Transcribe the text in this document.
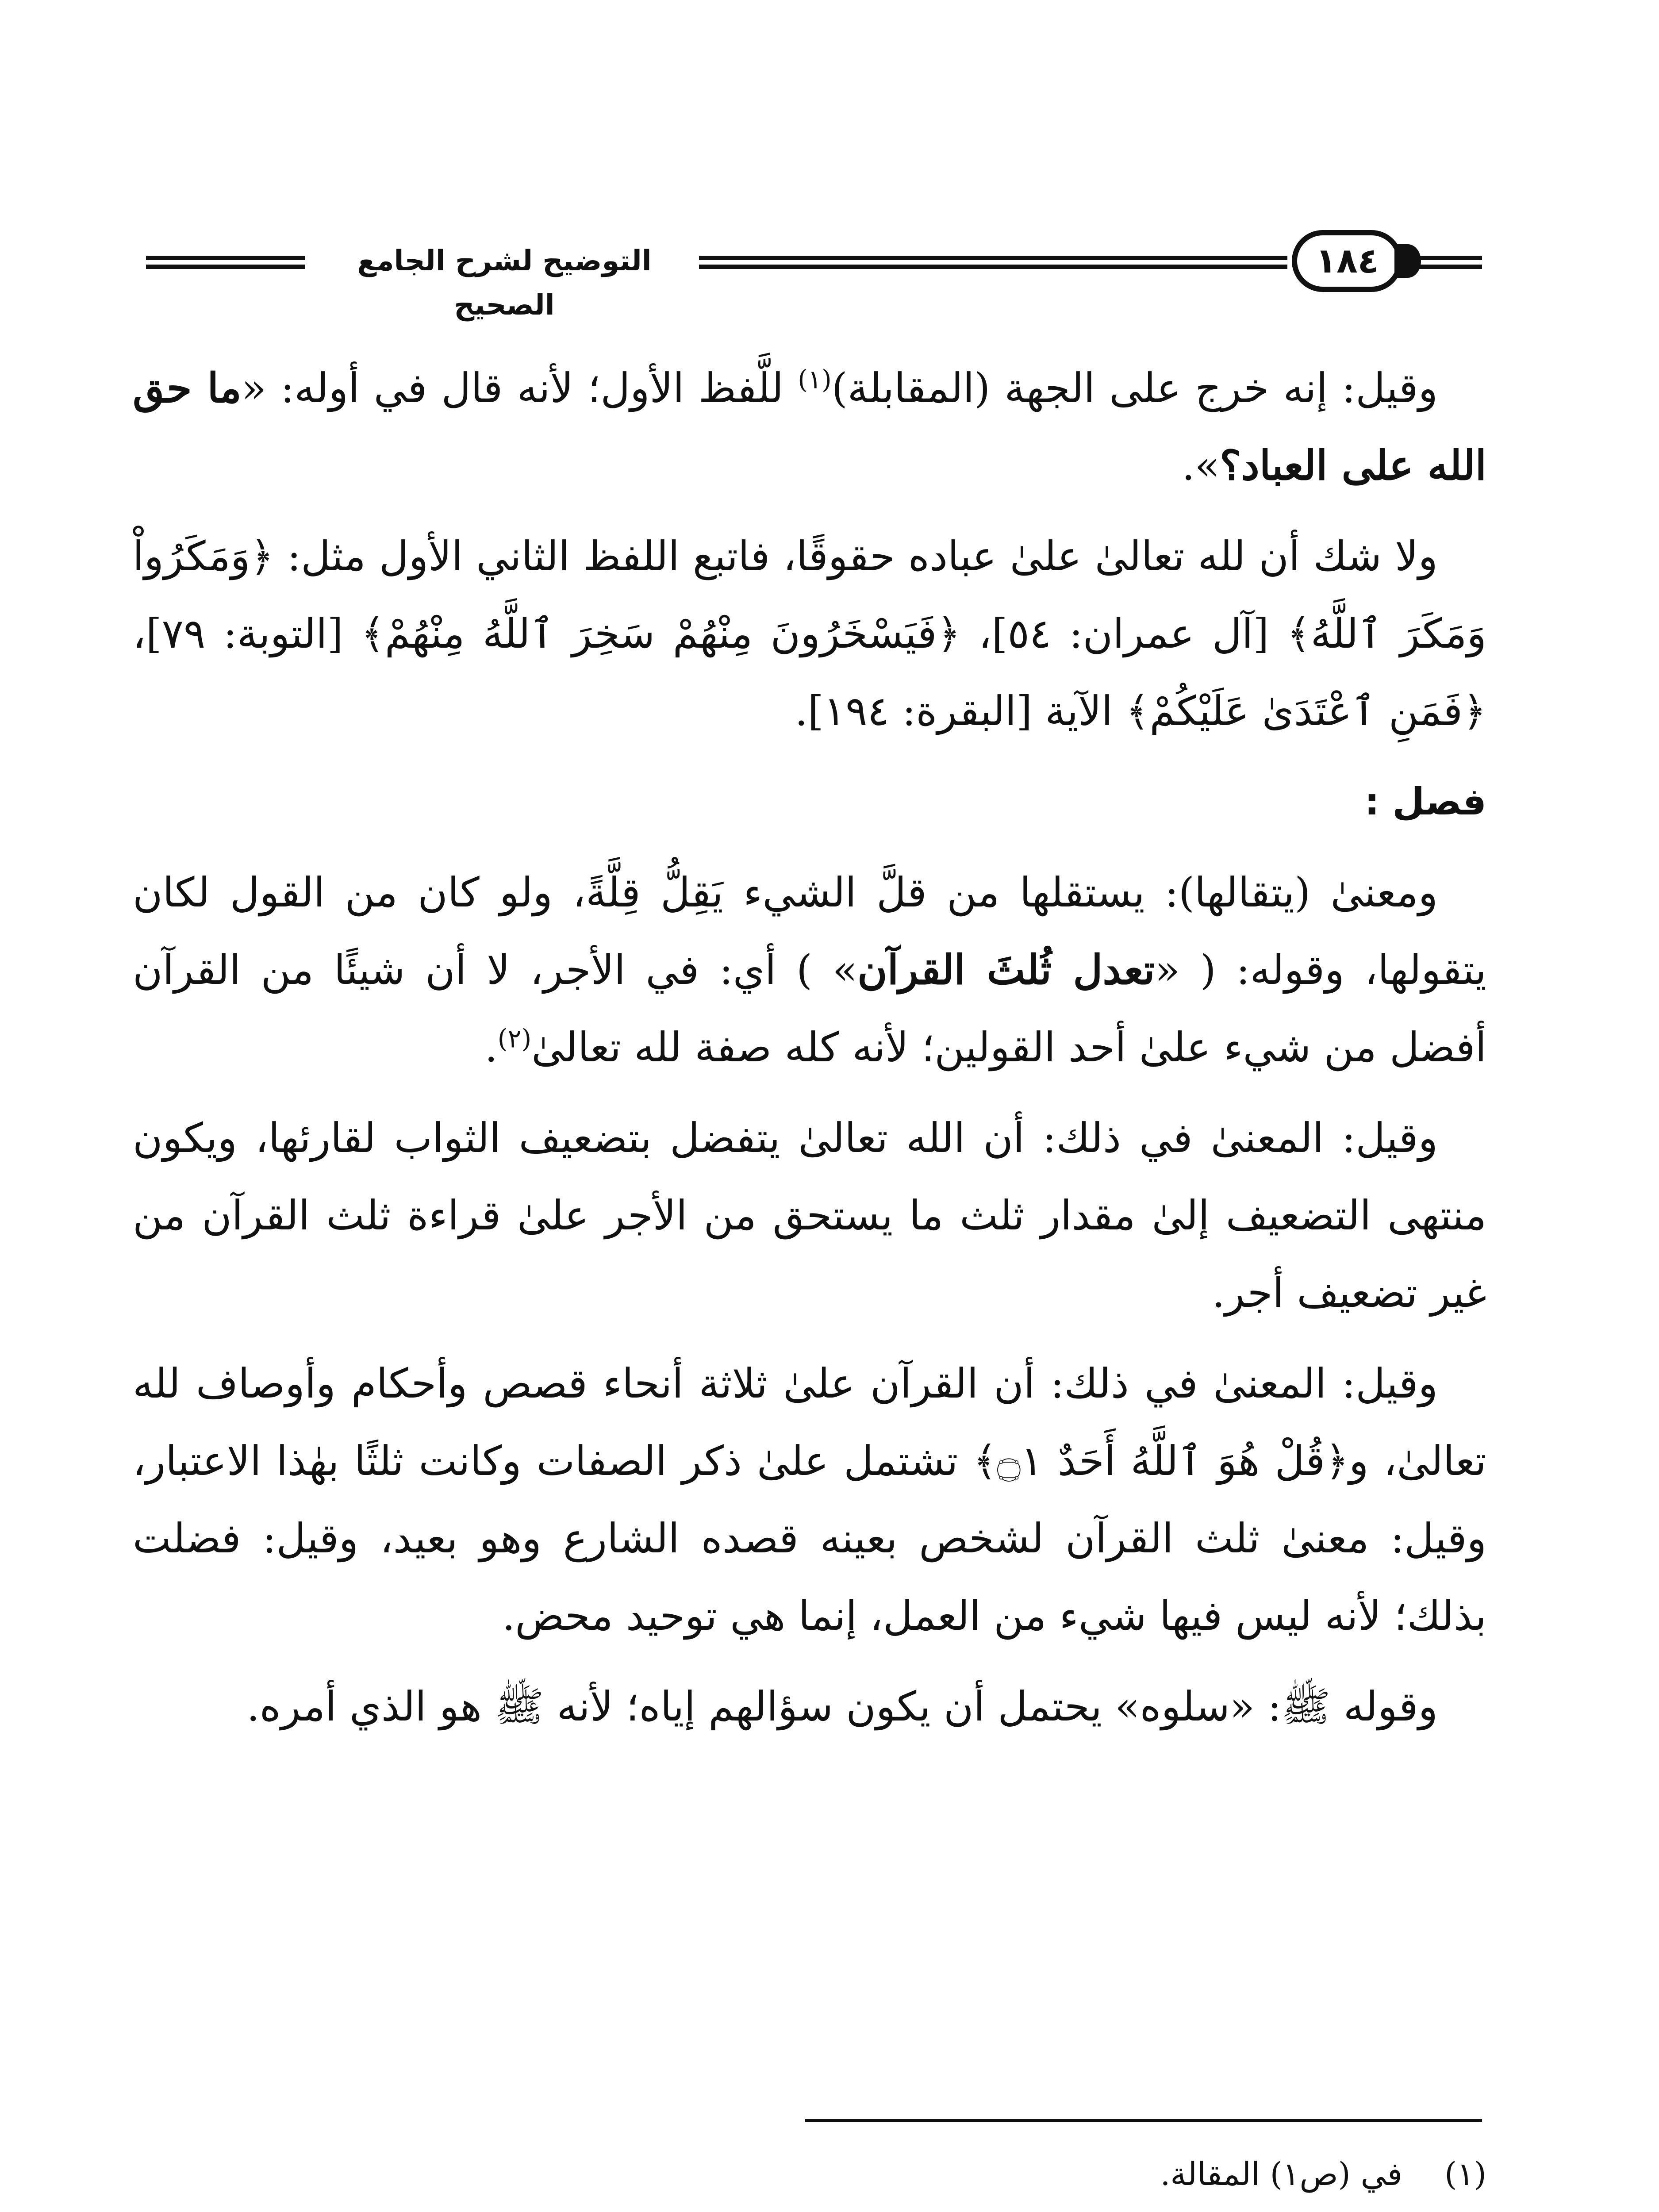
التوضيح لشرح الجامع الصحيح
١٨٤

وقيل: إنه خرج على الجهة (المقابلة)$^{(١)}$ للَّفظ الأول؛ لأنه قال في أوله: «ما حق الله على العباد؟».

ولا شك أن لله تعالىٰ علىٰ عباده حقوقًا، فاتبع اللفظ الثاني الأول مثل: ﴿وَمَكَرُواْ وَمَكَرَ ٱللَّهُ﴾ [آل عمران: ٥٤]، ﴿فَيَسْخَرُونَ مِنْهُمْ سَخِرَ ٱللَّهُ مِنْهُمْ﴾ [التوبة: ٧٩]، ﴿فَمَنِ ٱعْتَدَىٰ عَلَيْكُمْ﴾ الآية [البقرة: ١٩٤].

فصل :

ومعنىٰ (يتقالها): يستقلها من قلَّ الشيء يَقِلُّ قِلَّةً، ولو كان من القول لكان يتقولها، وقوله: ( «تعدل ثُلثَ القرآن» ) أي: في الأجر، لا أن شيئًا من القرآن أفضل من شيء علىٰ أحد القولين؛ لأنه كله صفة لله تعالىٰ$^{(٢)}$.

وقيل: المعنىٰ في ذلك: أن الله تعالىٰ يتفضل بتضعيف الثواب لقارئها، ويكون منتهى التضعيف إلىٰ مقدار ثلث ما يستحق من الأجر علىٰ قراءة ثلث القرآن من غير تضعيف أجر.

وقيل: المعنىٰ في ذلك: أن القرآن علىٰ ثلاثة أنحاء قصص وأحكام وأوصاف لله تعالىٰ، و﴿قُلْ هُوَ ٱللَّهُ أَحَدٌ ۝١﴾ تشتمل علىٰ ذكر الصفات وكانت ثلثًا بهٰذا الاعتبار، وقيل: معنىٰ ثلث القرآن لشخص بعينه قصده الشارع وهو بعيد، وقيل: فضلت بذلك؛ لأنه ليس فيها شيء من العمل، إنما هي توحيد محض.

وقوله ﷺ: «سلوه» يحتمل أن يكون سؤالهم إياه؛ لأنه ﷺ هو الذي أمره.

(١)
في (ص١) المقالة.
